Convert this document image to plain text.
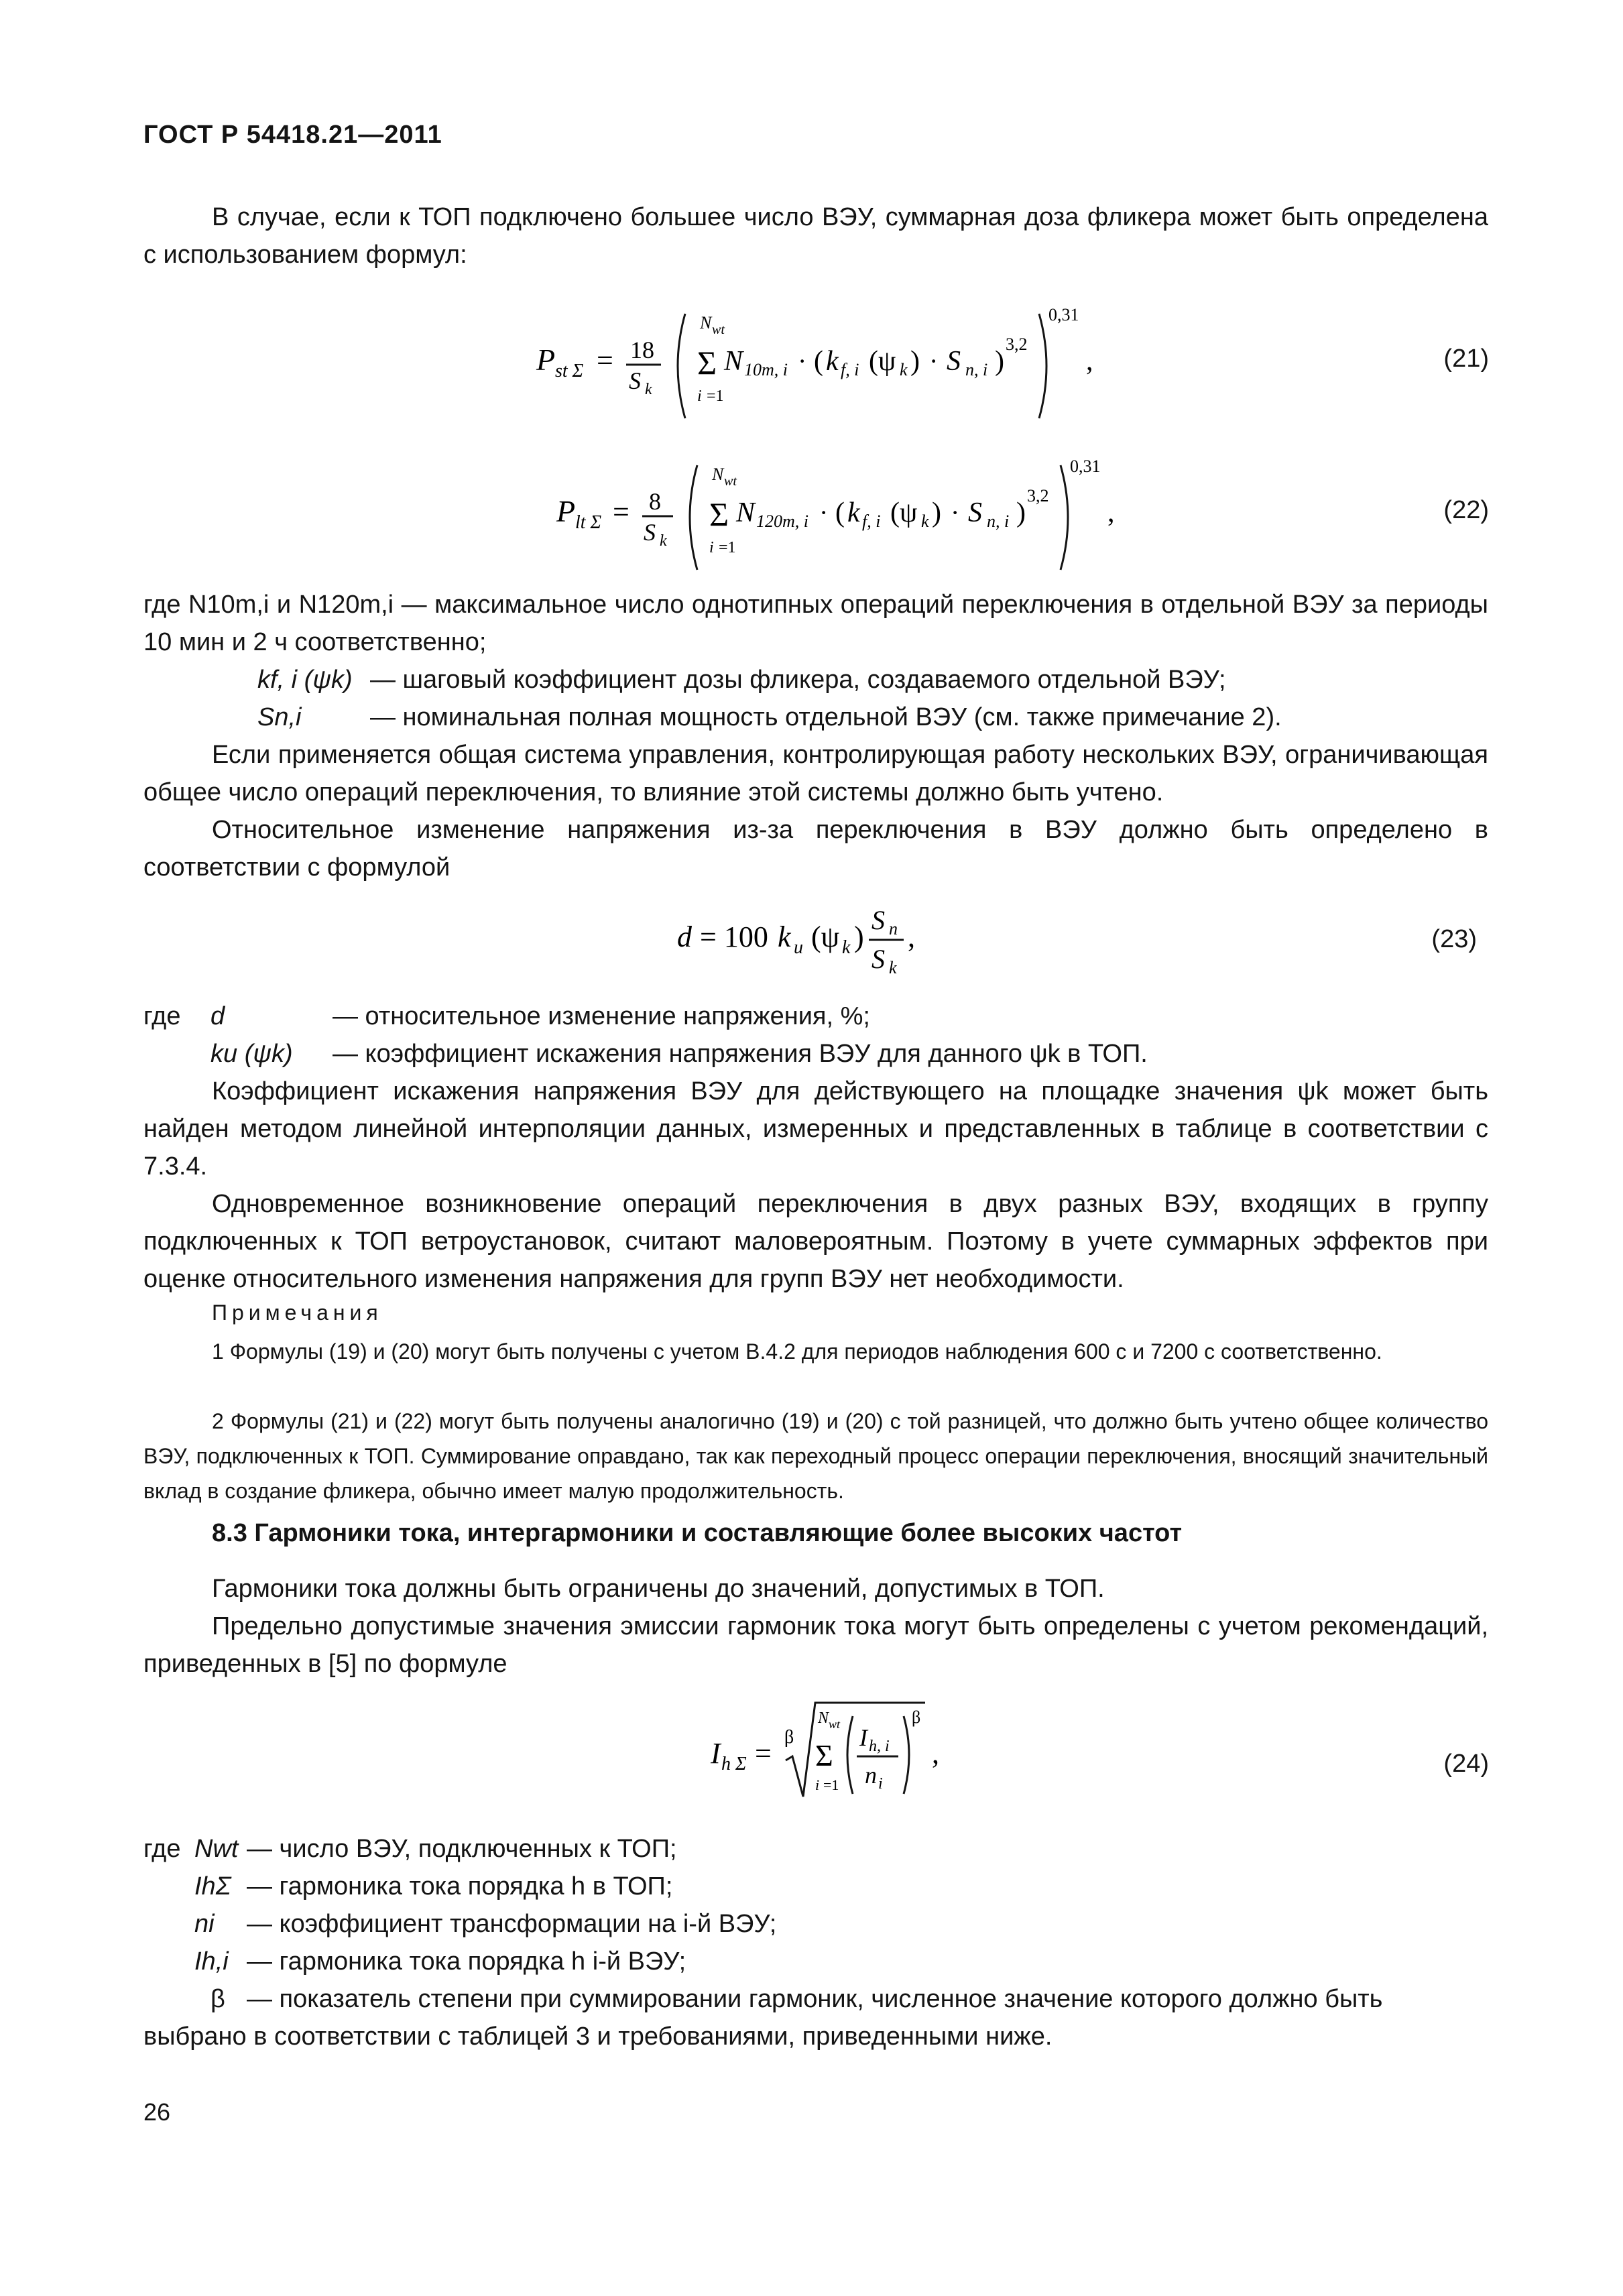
ГОСТ Р 54418.21—2011
В случае, если к ТОП подключено большее число ВЭУ, суммарная доза фликера может быть определена с использованием формул:
P st Σ = 18
S k
N wt
Σ
i =1
N 10m, i · ( k f, i (ψ k ) · S n, i )
3,2
0,31
,	(21)
P lt Σ = 8
S k
N wt
Σ
i =1
N 120m, i · ( k f, i (ψ k ) · S n, i )
3,2
0,31
,	(22)
где N10m,i и N120m,i — максимальное число однотипных операций переключения в отдельной ВЭУ за периоды 10 мин и 2 ч соответственно;
kf, i (ψk) — шаговый коэффициент дозы фликера, создаваемого отдельной ВЭУ;
Sn,i	— номинальная полная мощность отдельной ВЭУ (см. также примечание 2).
Если применяется общая система управления, контролирующая работу нескольких ВЭУ, ограничивающая общее число операций переключения, то влияние этой системы должно быть учтено.
Относительное изменение напряжения из-за переключения в ВЭУ должно быть определено в соответствии с формулой
d = 100 k u (ψ k )
S n
S k
,	(23)
где d	— относительное изменение напряжения, %;
ku (ψk) — коэффициент искажения напряжения ВЭУ для данного ψk в ТОП.
Коэффициент искажения напряжения ВЭУ для действующего на площадке значения ψk может быть найден методом линейной интерполяции данных, измеренных и представленных в таблице в соответствии с 7.3.4.
Одновременное возникновение операций переключения в двух разных ВЭУ, входящих в группу подключенных к ТОП ветроустановок, считают маловероятным. Поэтому в учете суммарных эффектов при оценке относительного изменения напряжения для групп ВЭУ нет необходимости.
Примечания
1 Формулы (19) и (20) могут быть получены с учетом В.4.2 для периодов наблюдения 600 с и 7200 с соответственно.
2 Формулы (21) и (22) могут быть получены аналогично (19) и (20) с той разницей, что должно быть учтено общее количество ВЭУ, подключенных к ТОП. Суммирование оправдано, так как переходный процесс операции переключения, вносящий значительный вклад в создание фликера, обычно имеет малую продолжительность.
8.3 Гармоники тока, интергармоники и составляющие более высоких частот
Гармоники тока должны быть ограничены до значений, допустимых в ТОП.
Предельно допустимые значения эмиссии гармоник тока могут быть определены с учетом рекомендаций, приведенных в [5] по формуле
I h Σ = β
N wt
Σ
i =1
I h, i
n i
β
,	(24)
где Nwt — число ВЭУ, подключенных к ТОП;
IhΣ — гармоника тока порядка h в ТОП;
ni — коэффициент трансформации на i-й ВЭУ;
Ih,i — гармоника тока порядка h i-й ВЭУ;
β — показатель степени при суммировании гармоник, численное значение которого должно быть
выбрано в соответствии с таблицей 3 и требованиями, приведенными ниже.
26
